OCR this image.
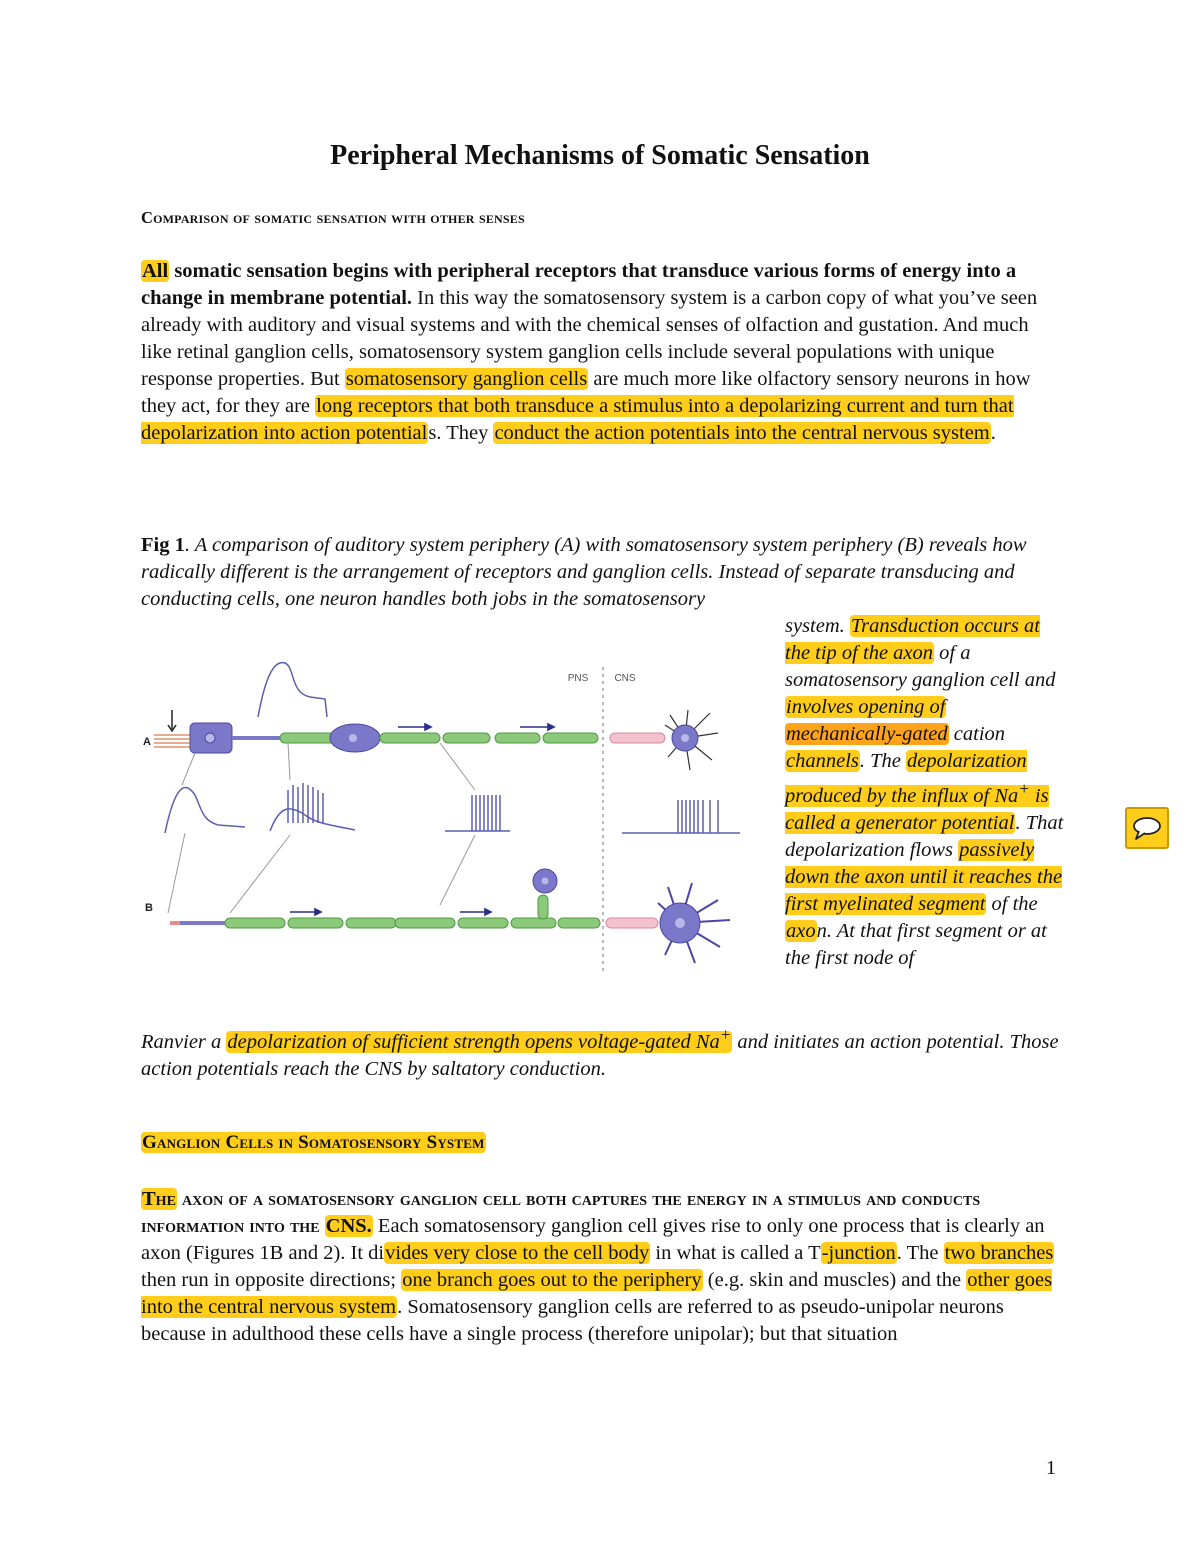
Peripheral Mechanisms of Somatic Sensation
Comparison of somatic sensation with other senses

All somatic sensation begins with peripheral receptors that transduce various forms of energy into a change in membrane potential. In this way the somatosensory system is a carbon copy of what you’ve seen already with auditory and visual systems and with the chemical senses of olfaction and gustation. And much like retinal ganglion cells, somatosensory system ganglion cells include several populations with unique response properties. But somatosensory ganglion cells are much more like olfactory sensory neurons in how they act, for they are long receptors that both transduce a stimulus into a depolarizing current and turn that depolarization into action potentials. They conduct the action potentials into the central nervous system.

Fig 1. A comparison of auditory system periphery (A) with somatosensory system periphery (B) reveals how radically different is the arrangement of receptors and ganglion cells. Instead of separate transducing and conducting cells, one neuron handles both jobs in the somatosensory

system. Transduction occurs at the tip of the axon of a somatosensory ganglion cell and involves opening of mechanically-gated cation channels. The depolarization produced by the influx of Na+ is called a generator potential. That depolarization flows passively down the axon until it reaches the first myelinated segment of the axon. At that first segment or at the first node of

Ranvier a depolarization of sufficient strength opens voltage-gated Na+ and initiates an action potential. Those action potentials reach the CNS by saltatory conduction.

PNS	CNS
A
B
Ganglion Cells in Somatosensory System

The axon of a somatosensory ganglion cell both captures the energy in a stimulus and conducts information into the CNS. Each somatosensory ganglion cell gives rise to only one process that is clearly an axon (Figures 1B and 2). It divides very close to the cell body in what is called a T-junction. The two branches then run in opposite directions; one branch goes out to the periphery (e.g. skin and muscles) and the other goes into the central nervous system. Somatosensory ganglion cells are referred to as pseudo-unipolar neurons because in adulthood these cells have a single process (therefore unipolar); but that situation

1
